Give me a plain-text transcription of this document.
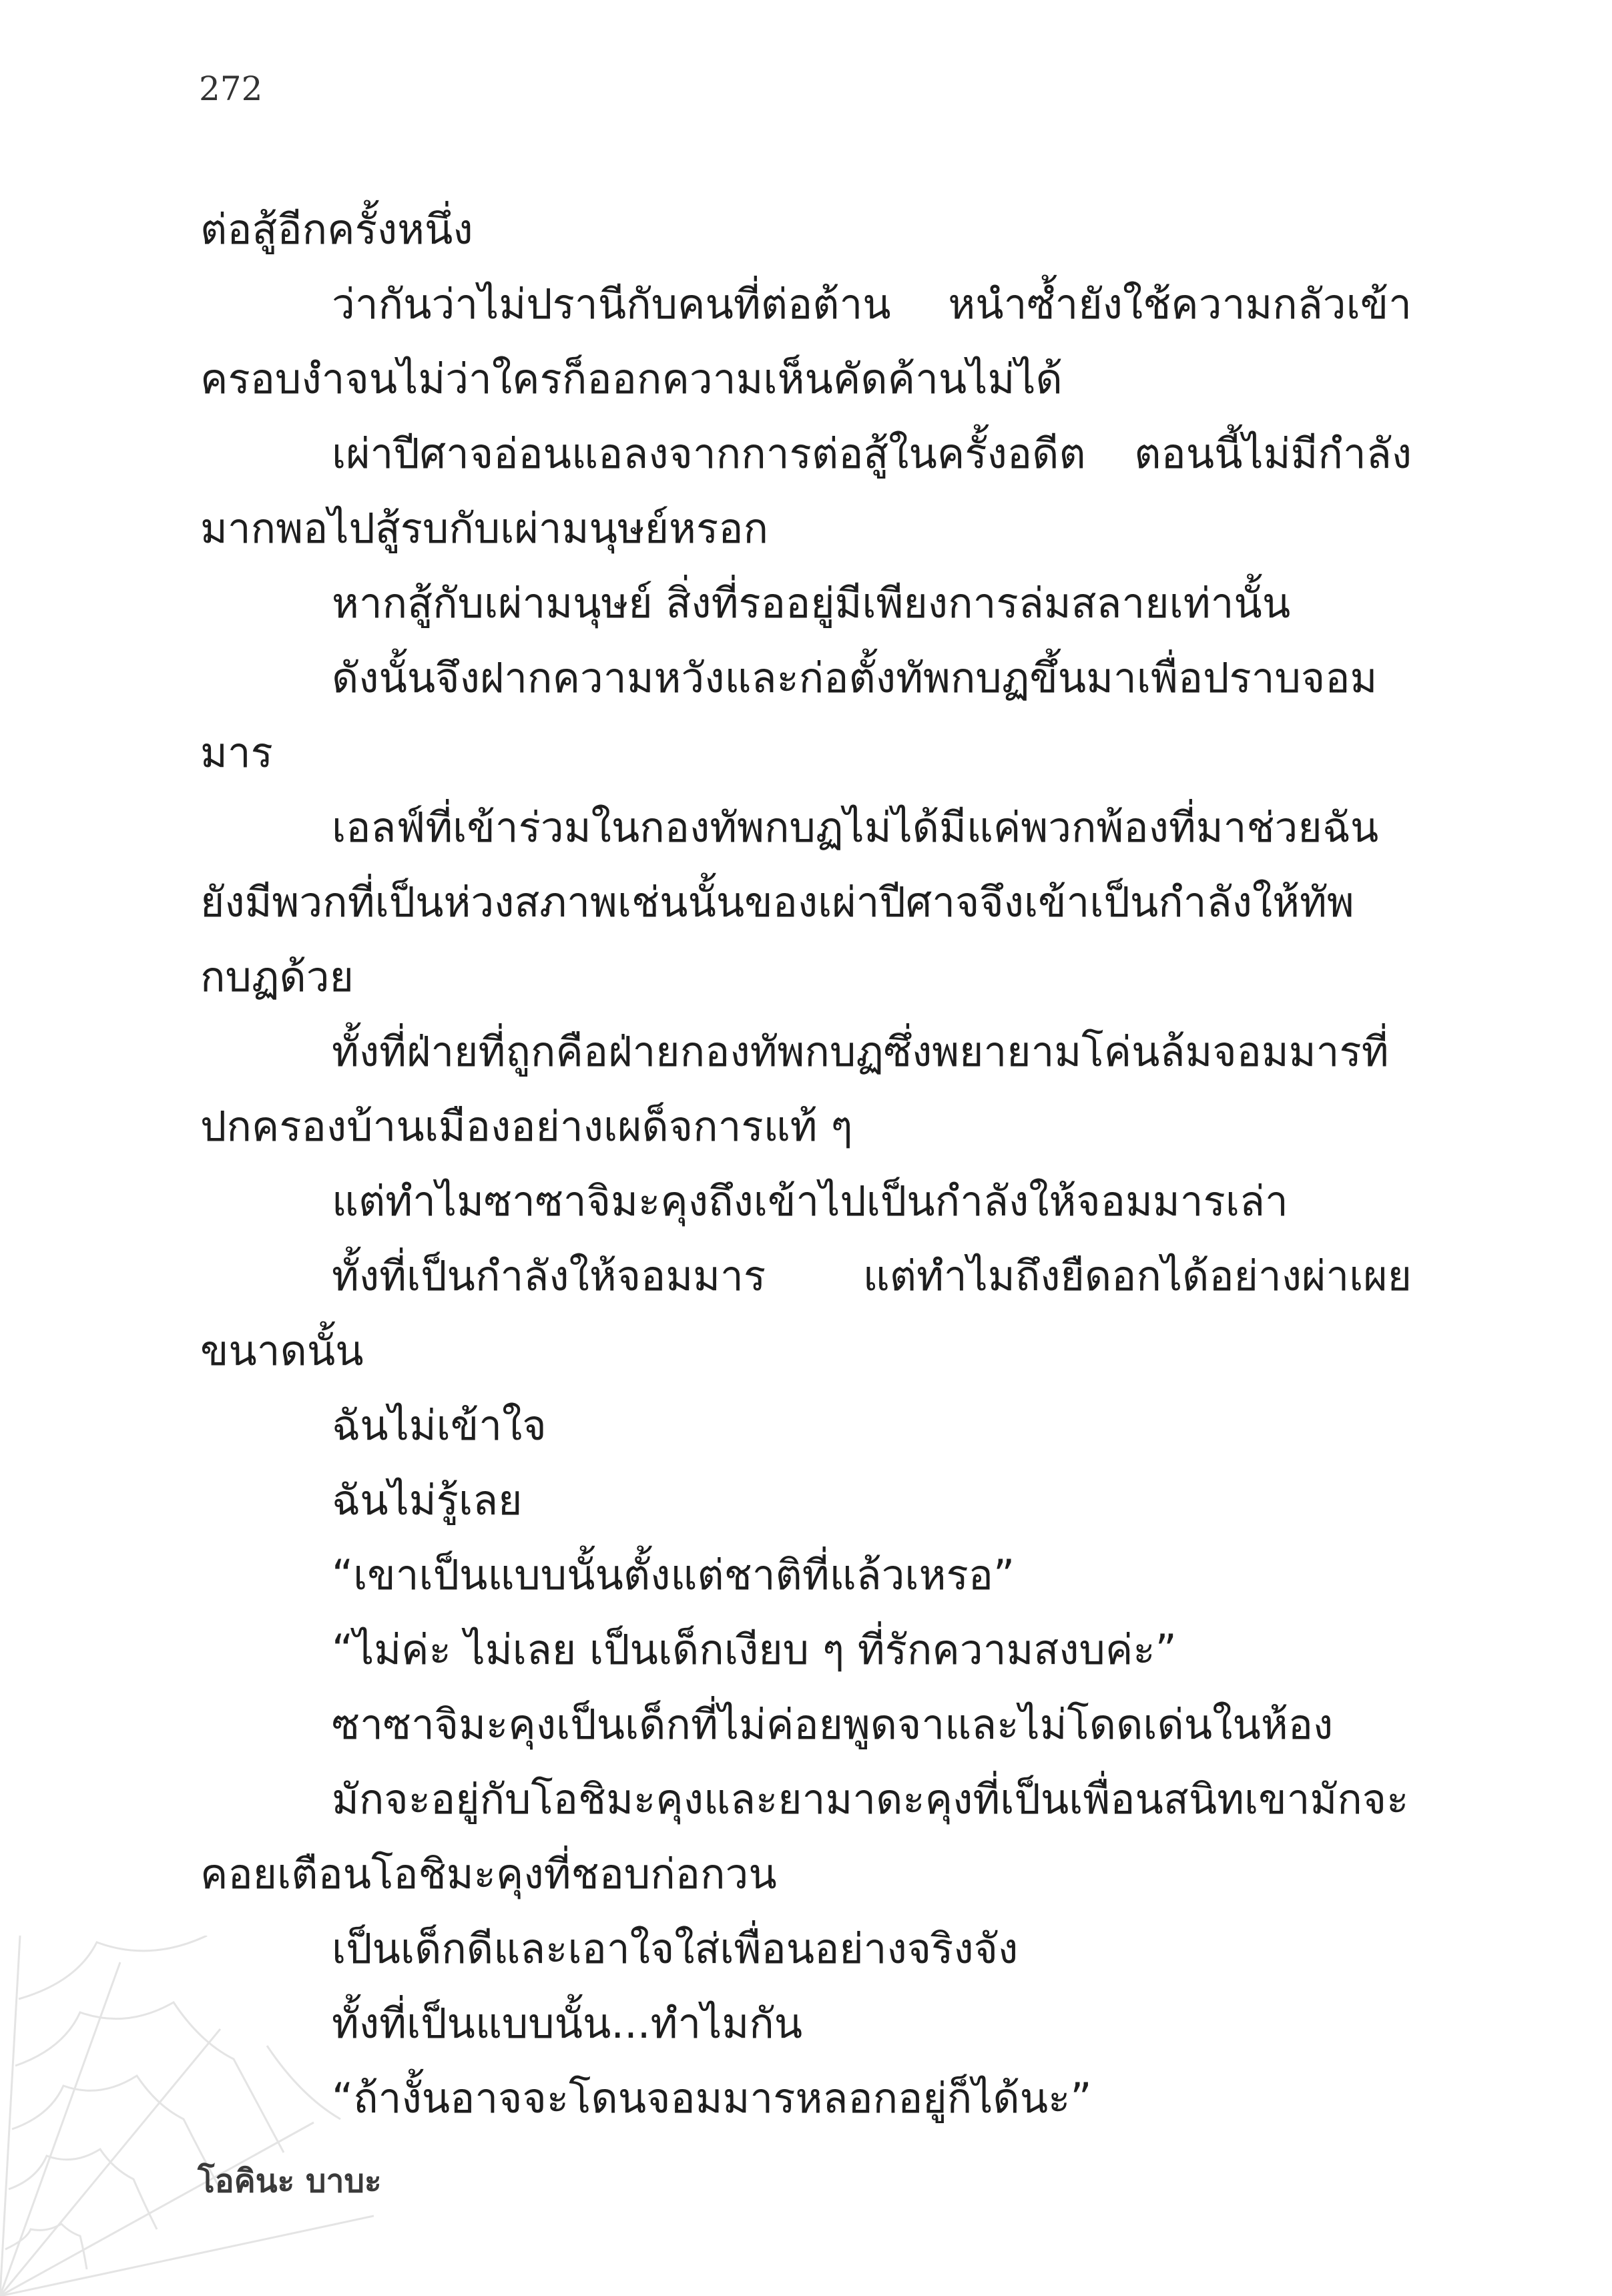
272

ต่อสู้อีกครั้งหนึ่ง

ว่ากันว่าไม่ปรานีกับคนที่ต่อต้าน หนำซ้ำยังใช้ความกลัวเข้าครอบงำจนไม่ว่าใครก็ออกความเห็นคัดค้านไม่ได้

เผ่าปีศาจอ่อนแอลงจากการต่อสู้ในครั้งอดีต ตอนนี้ไม่มีกำลังมากพอไปสู้รบกับเผ่ามนุษย์หรอก

หากสู้กับเผ่ามนุษย์ สิ่งที่รออยู่มีเพียงการล่มสลายเท่านั้น

ดังนั้นจึงฝากความหวังและก่อตั้งทัพกบฏขึ้นมาเพื่อปราบจอมมาร

เอลฟ์ที่เข้าร่วมในกองทัพกบฏไม่ได้มีแค่พวกพ้องที่มาช่วยฉันยังมีพวกที่เป็นห่วงสภาพเช่นนั้นของเผ่าปีศาจจึงเข้าเป็นกำลังให้ทัพกบฏด้วย

ทั้งที่ฝ่ายที่ถูกคือฝ่ายกองทัพกบฏซึ่งพยายามโค่นล้มจอมมารที่ปกครองบ้านเมืองอย่างเผด็จการแท้ ๆ

แต่ทำไมซาซาจิมะคุงถึงเข้าไปเป็นกำลังให้จอมมารเล่า

ทั้งที่เป็นกำลังให้จอมมาร แต่ทำไมถึงยืดอกได้อย่างผ่าเผยขนาดนั้น

ฉันไม่เข้าใจ

ฉันไม่รู้เลย

“เขาเป็นแบบนั้นตั้งแต่ชาติที่แล้วเหรอ”

“ไม่ค่ะ ไม่เลย เป็นเด็กเงียบ ๆ ที่รักความสงบค่ะ”

ซาซาจิมะคุงเป็นเด็กที่ไม่ค่อยพูดจาและไม่โดดเด่นในห้อง

มักจะอยู่กับโอชิมะคุงและยามาดะคุงที่เป็นเพื่อนสนิทเขามักจะคอยเตือนโอชิมะคุงที่ชอบก่อกวน

เป็นเด็กดีและเอาใจใส่เพื่อนอย่างจริงจัง

ทั้งที่เป็นแบบนั้น...ทำไมกัน

“ถ้างั้นอาจจะโดนจอมมารหลอกอยู่ก็ได้นะ”

โอคินะ บาบะ
